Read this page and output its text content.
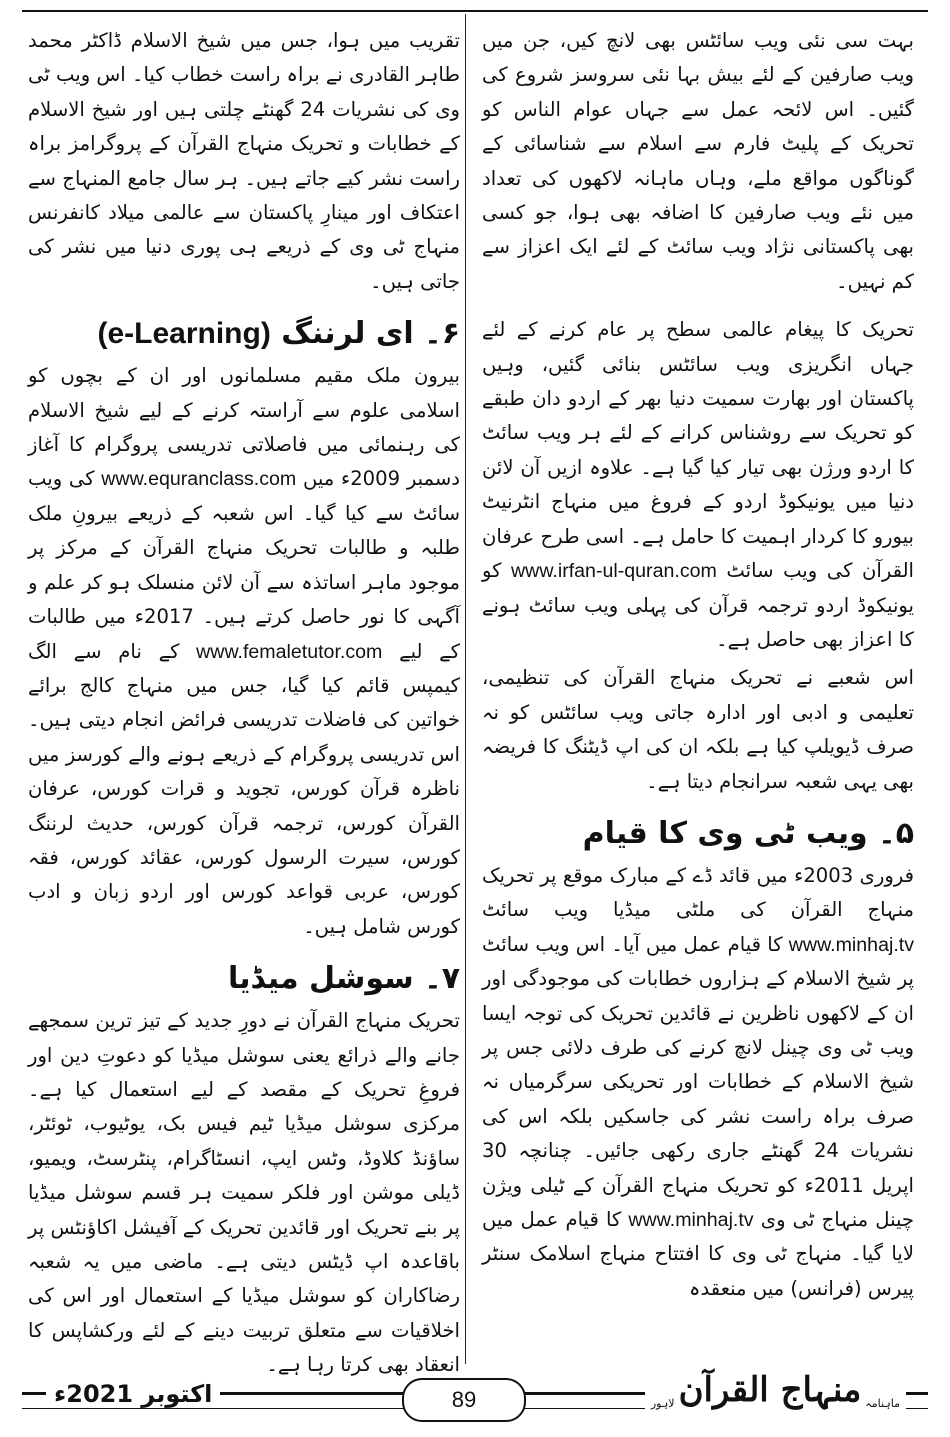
بہت سی نئی ویب سائٹس بھی لانچ کیں، جن میں ویب صارفین کے لئے بیش بہا نئی سروسز شروع کی گئیں۔ اس لائحہ عمل سے جہاں عوام الناس کو تحریک کے پلیٹ فارم سے اسلام سے شناسائی کے گوناگوں مواقع ملے، وہاں ماہانہ لاکھوں کی تعداد میں نئے ویب صارفین کا اضافہ بھی ہوا، جو کسی بھی پاکستانی نژاد ویب سائٹ کے لئے ایک اعزاز سے کم نہیں۔

تحریک کا پیغام عالمی سطح پر عام کرنے کے لئے جہاں انگریزی ویب سائٹس بنائی گئیں، وہیں پاکستان اور بھارت سمیت دنیا بھر کے اردو دان طبقے کو تحریک سے روشناس کرانے کے لئے ہر ویب سائٹ کا اردو ورژن بھی تیار کیا گیا ہے۔ علاوہ ازیں آن لائن دنیا میں یونیکوڈ اردو کے فروغ میں منہاج انٹرنیٹ بیورو کا کردار اہمیت کا حامل ہے۔ اسی طرح عرفان القرآن کی ویب سائٹ www.irfan-ul-quran.com کو یونیکوڈ اردو ترجمہ قرآن کی پہلی ویب سائٹ ہونے کا اعزاز بھی حاصل ہے۔

اس شعبے نے تحریک منہاج القرآن کی تنظیمی، تعلیمی و ادبی اور ادارہ جاتی ویب سائٹس کو نہ صرف ڈیویلپ کیا ہے بلکہ ان کی اپ ڈیٹنگ کا فریضہ بھی یہی شعبہ سرانجام دیتا ہے۔

۵۔ ویب ٹی وی کا قیام

فروری 2003ء میں قائد ڈے کے مبارک موقع پر تحریک منہاج القرآن کی ملٹی میڈیا ویب سائٹ www.minhaj.tv کا قیام عمل میں آیا۔ اس ویب سائٹ پر شیخ الاسلام کے ہزاروں خطابات کی موجودگی اور ان کے لاکھوں ناظرین نے قائدین تحریک کی توجہ ایسا ویب ٹی وی چینل لانچ کرنے کی طرف دلائی جس پر شیخ الاسلام کے خطابات اور تحریکی سرگرمیاں نہ صرف براہ راست نشر کی جاسکیں بلکہ اس کی نشریات 24 گھنٹے جاری رکھی جائیں۔ چنانچہ 30 اپریل 2011ء کو تحریک منہاج القرآن کے ٹیلی ویژن چینل منہاج ٹی وی www.minhaj.tv کا قیام عمل میں لایا گیا۔ منہاج ٹی وی کا افتتاح منہاج اسلامک سنٹر پیرس (فرانس) میں منعقدہ

تقریب میں ہوا، جس میں شیخ الاسلام ڈاکٹر محمد طاہر القادری نے براہ راست خطاب کیا۔ اس ویب ٹی وی کی نشریات 24 گھنٹے چلتی ہیں اور شیخ الاسلام کے خطابات و تحریک منہاج القرآن کے پروگرامز براہ راست نشر کیے جاتے ہیں۔ ہر سال جامع المنہاج سے اعتکاف اور مینارِ پاکستان سے عالمی میلاد کانفرنس منہاج ٹی وی کے ذریعے ہی پوری دنیا میں نشر کی جاتی ہیں۔

۶۔ ای لرننگ (e-Learning)

بیرون ملک مقیم مسلمانوں اور ان کے بچوں کو اسلامی علوم سے آراستہ کرنے کے لیے شیخ الاسلام کی رہنمائی میں فاصلاتی تدریسی پروگرام کا آغاز دسمبر 2009ء میں www.equranclass.com کی ویب سائٹ سے کیا گیا۔ اس شعبہ کے ذریعے بیرونِ ملک طلبہ و طالبات تحریک منہاج القرآن کے مرکز پر موجود ماہر اساتذہ سے آن لائن منسلک ہو کر علم و آگہی کا نور حاصل کرتے ہیں۔ 2017ء میں طالبات کے لیے www.femaletutor.com کے نام سے الگ کیمپس قائم کیا گیا، جس میں منہاج کالج برائے خواتین کی فاضلات تدریسی فرائض انجام دیتی ہیں۔ اس تدریسی پروگرام کے ذریعے ہونے والے کورسز میں ناظرہ قرآن کورس، تجوید و قرات کورس، عرفان القرآن کورس، ترجمہ قرآن کورس، حدیث لرننگ کورس، سیرت الرسول کورس، عقائد کورس، فقہ کورس، عربی قواعد کورس اور اردو زبان و ادب کورس شامل ہیں۔

۷۔ سوشل میڈیا

تحریک منہاج القرآن نے دورِ جدید کے تیز ترین سمجھے جانے والے ذرائع یعنی سوشل میڈیا کو دعوتِ دین اور فروغِ تحریک کے مقصد کے لیے استعمال کیا ہے۔ مرکزی سوشل میڈیا ٹیم فیس بک، یوٹیوب، ٹوئٹر، ساؤنڈ کلاوڈ، وٹس ایپ، انسٹاگرام، پنٹرسٹ، ویمیو، ڈیلی موشن اور فلکر سمیت ہر قسم سوشل میڈیا پر بنے تحریک اور قائدین تحریک کے آفیشل اکاؤنٹس پر باقاعدہ اپ ڈیٹس دیتی ہے۔ ماضی میں یہ شعبہ رضاکاران کو سوشل میڈیا کے استعمال اور اس کی اخلاقیات سے متعلق تربیت دینے کے لئے ورکشاپس کا انعقاد بھی کرتا رہا ہے۔

اکتوبر 2021ء	89	ماہنامہ
منہاج القرآن
لاہور
